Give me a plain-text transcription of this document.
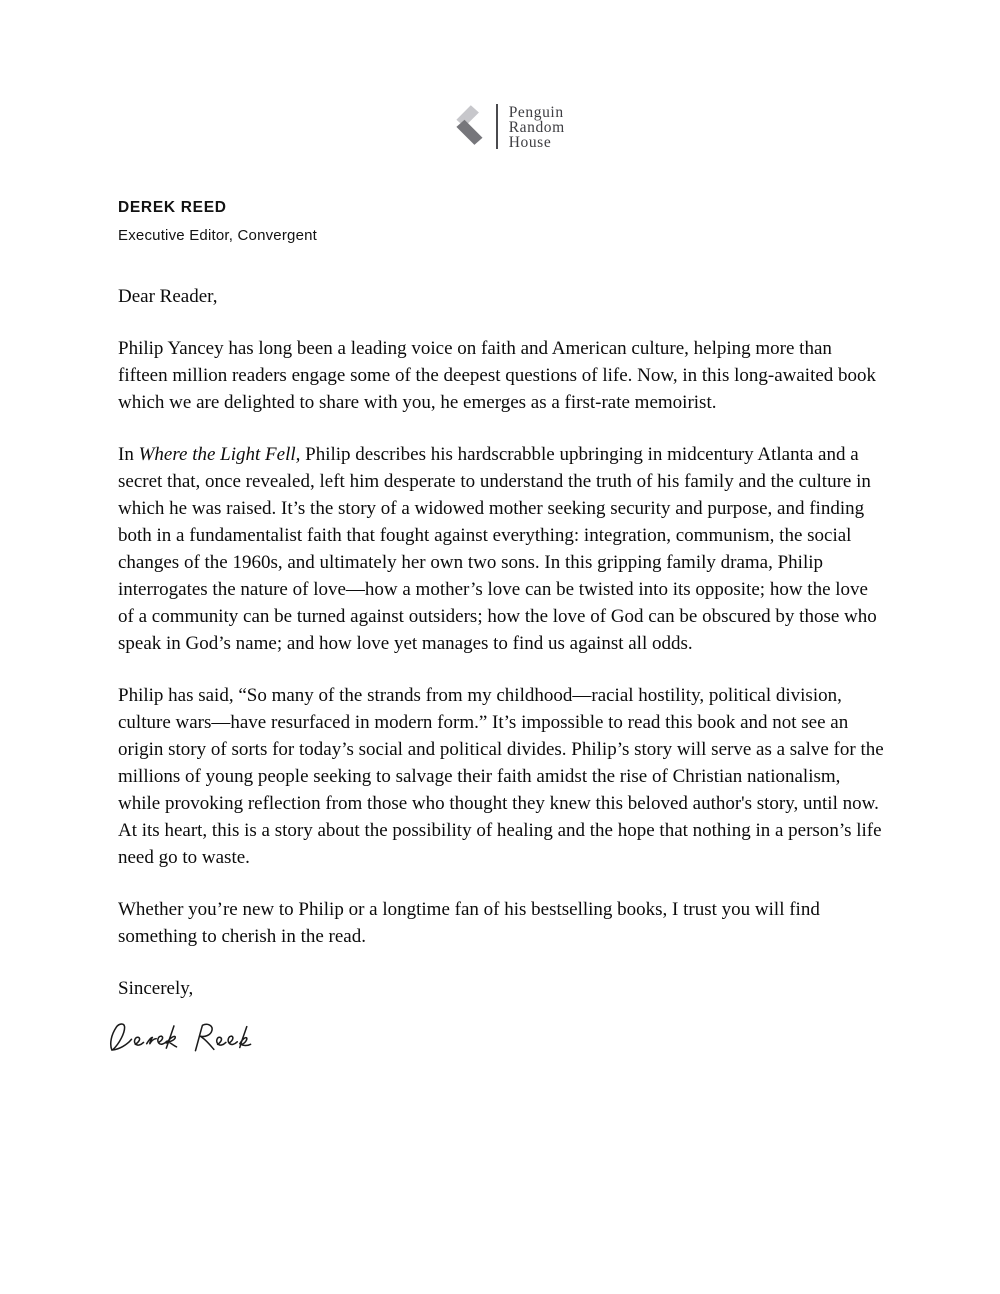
Penguin
Random
House
DEREK REED
Executive Editor, Convergent

Dear Reader,

Philip Yancey has long been a leading voice on faith and American culture, helping more than fifteen million readers engage some of the deepest questions of life. Now, in this long-awaited book which we are delighted to share with you, he emerges as a first-rate memoirist.

In Where the Light Fell, Philip describes his hardscrabble upbringing in midcentury Atlanta and a secret that, once revealed, left him desperate to understand the truth of his family and the culture in which he was raised. It’s the story of a widowed mother seeking security and purpose, and finding both in a fundamentalist faith that fought against everything: integration, communism, the social changes of the 1960s, and ultimately her own two sons. In this gripping family drama, Philip interrogates the nature of love—how a mother’s love can be twisted into its opposite; how the love of a community can be turned against outsiders; how the love of God can be obscured by those who speak in God’s name; and how love yet manages to find us against all odds.

Philip has said, “So many of the strands from my childhood—racial hostility, political division, culture wars—have resurfaced in modern form.” It’s impossible to read this book and not see an origin story of sorts for today’s social and political divides. Philip’s story will serve as a salve for the millions of young people seeking to salvage their faith amidst the rise of Christian nationalism, while provoking reflection from those who thought they knew this beloved author's story, until now. At its heart, this is a story about the possibility of healing and the hope that nothing in a person’s life need go to waste.

Whether you’re new to Philip or a longtime fan of his bestselling books, I trust you will find something to cherish in the read.

Sincerely,
